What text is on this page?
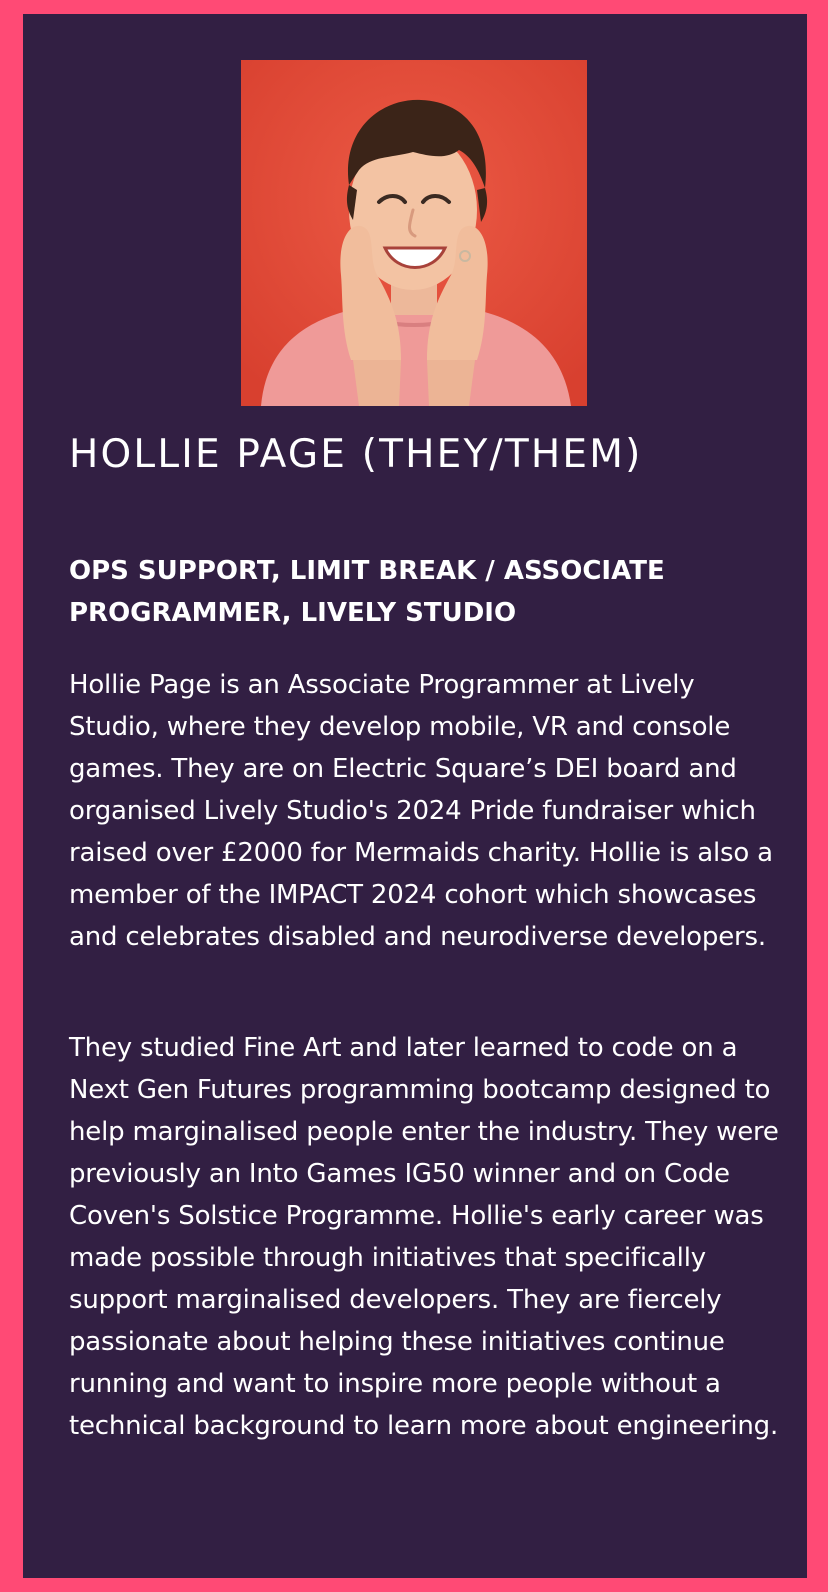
HOLLIE PAGE (THEY/THEM)
OPS SUPPORT, LIMIT BREAK / ASSOCIATE PROGRAMMER, LIVELY STUDIO

Hollie Page is an Associate Programmer at Lively Studio, where they develop mobile, VR and console games. They are on Electric Square’s DEI board and organised Lively Studio's 2024 Pride fundraiser which raised over £2000 for Mermaids charity. Hollie is also a member of the IMPACT 2024 cohort which showcases and celebrates disabled and neurodiverse developers.

They studied Fine Art and later learned to code on a Next Gen Futures programming bootcamp designed to help marginalised people enter the industry. They were previously an Into Games IG50 winner and on Code Coven's Solstice Programme. Hollie's early career was made possible through initiatives that specifically support marginalised developers. They are fiercely passionate about helping these initiatives continue running and want to inspire more people without a technical background to learn more about engineering.
